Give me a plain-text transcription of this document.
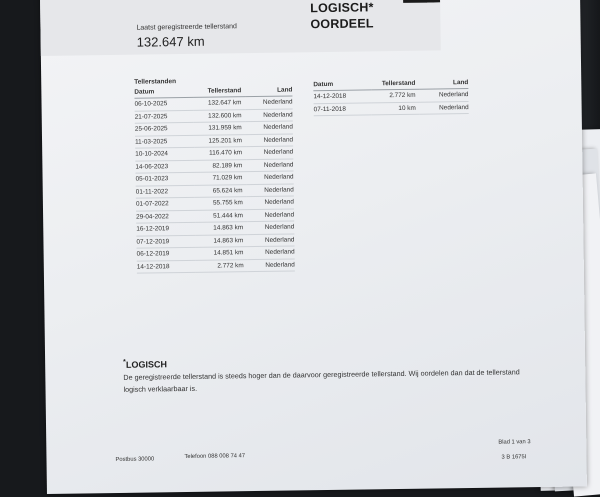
Laatst geregistreerde tellerstand
132.647 km
LOGISCH*
OORDEEL
Tellerstanden
Datum	Tellerstand	Land
06-10-2025	132.647 km	Nederland
21-07-2025	132.600 km	Nederland
25-06-2025	131.959 km	Nederland
11-03-2025	125.201 km	Nederland
10-10-2024	116.470 km	Nederland
14-06-2023	82.189 km	Nederland
05-01-2023	71.029 km	Nederland
01-11-2022	65.624 km	Nederland
01-07-2022	55.755 km	Nederland
29-04-2022	51.444 km	Nederland
16-12-2019	14.863 km	Nederland
07-12-2019	14.863 km	Nederland
06-12-2019	14.851 km	Nederland
14-12-2018	2.772 km	Nederland
Datum	Tellerstand	Land
14-12-2018	2.772 km	Nederland
07-11-2018	10 km	Nederland
*LOGISCH
De geregistreerde tellerstand is steeds hoger dan de daarvoor geregistreerde tellerstand. Wij oordelen dan dat de tellerstand logisch verklaarbaar is.
Postbus 30000	Telefoon 088 008 74 47
Blad 1 van 3
3 B 1675I
